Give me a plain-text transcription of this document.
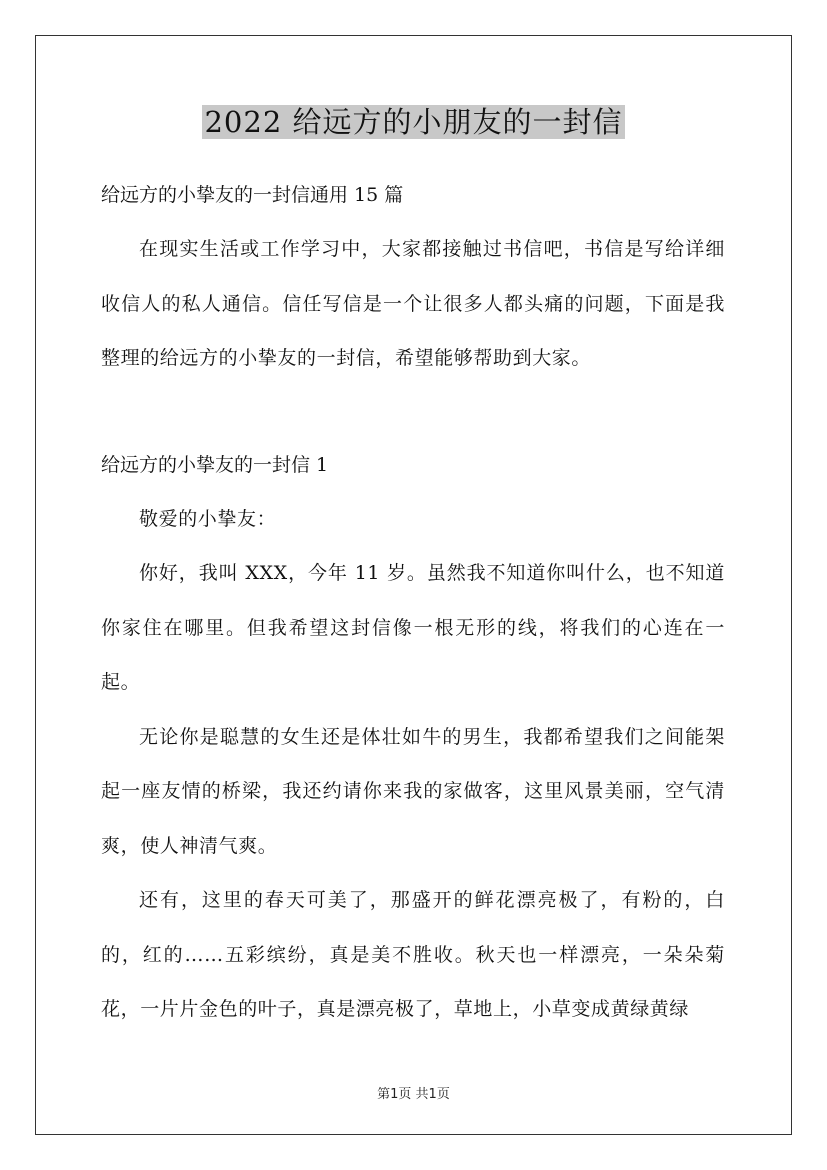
2022 给远方的小朋友的一封信

给远方的小挚友的一封信通用 15 篇

在现实生活或工作学习中，大家都接触过书信吧，书信是写给详细收信人的私人通信。信任写信是一个让很多人都头痛的问题，下面是我整理的给远方的小挚友的一封信，希望能够帮助到大家。

给远方的小挚友的一封信 1

敬爱的小挚友：

你好，我叫 XXX，今年 11 岁。虽然我不知道你叫什么，也不知道你家住在哪里。但我希望这封信像一根无形的线，将我们的心连在一起。

无论你是聪慧的女生还是体壮如牛的男生，我都希望我们之间能架起一座友情的桥梁，我还约请你来我的家做客，这里风景美丽，空气清爽，使人神清气爽。

还有，这里的春天可美了，那盛开的鲜花漂亮极了，有粉的，白的，红的……五彩缤纷，真是美不胜收。秋天也一样漂亮，一朵朵菊花，一片片金色的叶子，真是漂亮极了，草地上，小草变成黄绿黄绿

第1页 共1页
